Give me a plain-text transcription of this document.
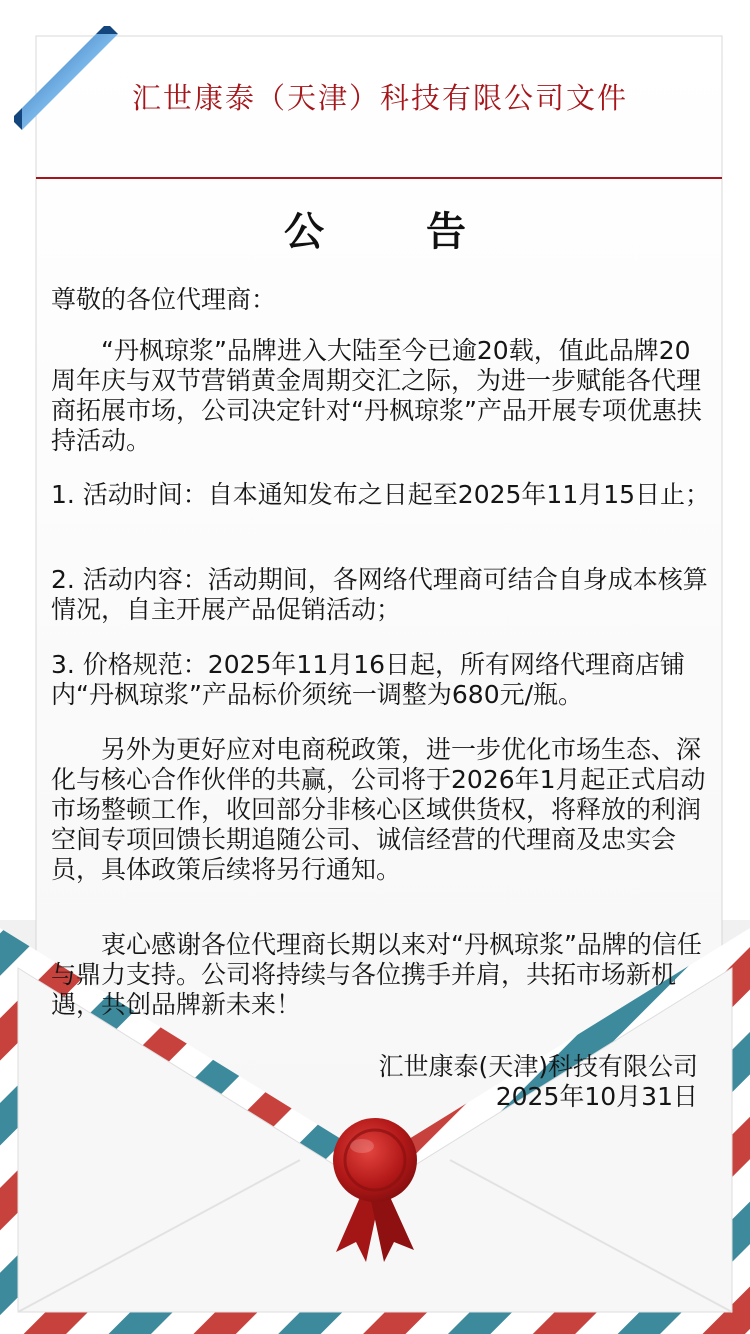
汇世康泰（天津）科技有限公司文件
公 告

尊敬的各位代理商：

“丹枫琼浆”品牌进入大陆至今已逾20载，值此品牌20周年庆与双节营销黄金周期交汇之际，为进一步赋能各代理商拓展市场，公司决定针对“丹枫琼浆”产品开展专项优惠扶持活动。

1. 活动时间：自本通知发布之日起至2025年11月15日止；

2. 活动内容：活动期间，各网络代理商可结合自身成本核算情况，自主开展产品促销活动；

3. 价格规范：2025年11月16日起，所有网络代理商店铺内“丹枫琼浆”产品标价须统一调整为680元/瓶。

另外为更好应对电商税政策，进一步优化市场生态、深化与核心合作伙伴的共赢，公司将于2026年1月起正式启动市场整顿工作，收回部分非核心区域供货权，将释放的利润空间专项回馈长期追随公司、诚信经营的代理商及忠实会员，具体政策后续将另行通知。

衷心感谢各位代理商长期以来对“丹枫琼浆”品牌的信任与鼎力支持。公司将持续与各位携手并肩，共拓市场新机遇，共创品牌新未来！

汇世康泰(天津)科技有限公司
2025年10月31日
